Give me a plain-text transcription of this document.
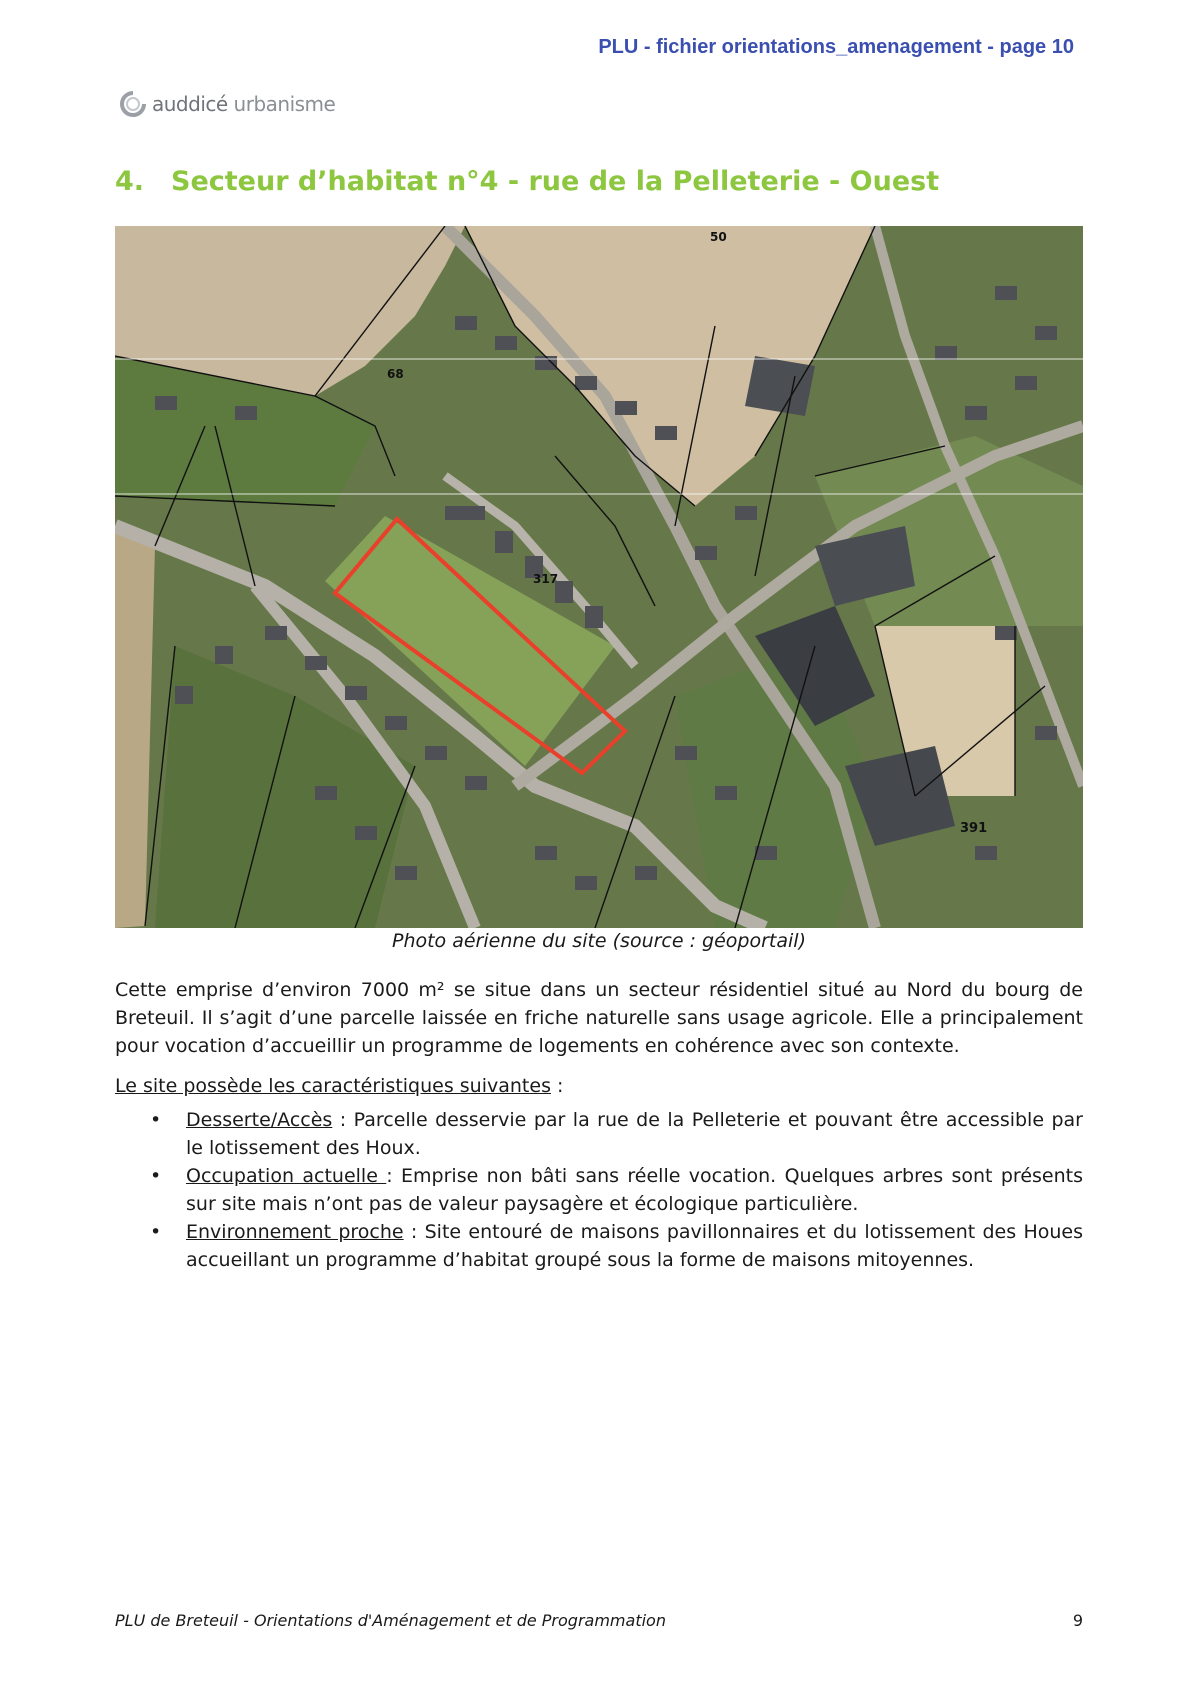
PLU - fichier orientations_amenagement - page 10
auddicé urbanisme
4. Secteur d’habitat n°4 - rue de la Pelleterie - Ouest
50
68
317
391
Photo aérienne du site (source : géoportail)
Cette emprise d’environ 7000 m² se situe dans un secteur résidentiel situé au Nord du bourg de Breteuil. Il s’agit d’une parcelle laissée en friche naturelle sans usage agricole. Elle a principalement pour vocation d’accueillir un programme de logements en cohérence avec son contexte.
Le site possède les caractéristiques suivantes :
• Desserte/Accès : Parcelle desservie par la rue de la Pelleterie et pouvant être accessible par le lotissement des Houx.
• Occupation actuelle : Emprise non bâti sans réelle vocation. Quelques arbres sont présents sur site mais n’ont pas de valeur paysagère et écologique particulière.
• Environnement proche : Site entouré de maisons pavillonnaires et du lotissement des Houes accueillant un programme d’habitat groupé sous la forme de maisons mitoyennes.
PLU de Breteuil - Orientations d'Aménagement et de Programmation	9
